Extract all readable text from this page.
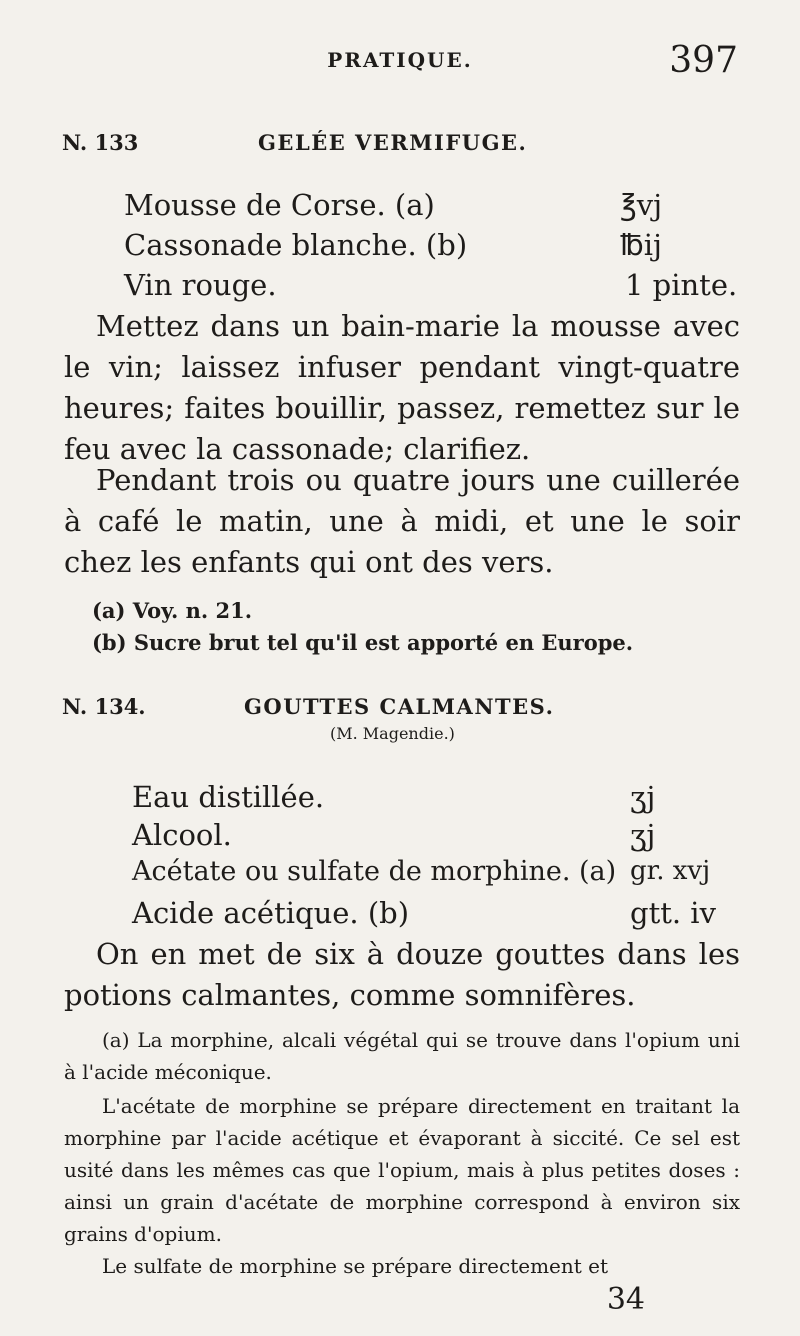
PRATIQUE.	397
N. 133	GELÉE VERMIFUGE.
Mousse de Corse. (a)	℥vj
Cassonade blanche. (b)	℔ij
Vin rouge.	1 pinte.
Mettez dans un bain-marie la mousse avec le vin; laissez infuser pendant vingt-quatre heures; faites bouillir, passez, remettez sur le feu avec la cassonade; clarifiez.
Pendant trois ou quatre jours une cuillerée à café le matin, une à midi, et une le soir chez les enfants qui ont des vers.
(a) Voy. n. 21.
(b) Sucre brut tel qu'il est apporté en Europe.
N. 134.	GOUTTES CALMANTES.
(M. Magendie.)
Eau distillée.	ʒj
Alcool.	ʒj
Acétate ou sulfate de morphine. (a) gr. xvj
Acide acétique. (b)	gtt. iv
On en met de six à douze gouttes dans les potions calmantes, comme somnifères.
(a) La morphine, alcali végétal qui se trouve dans l'opium uni à l'acide méconique.
L'acétate de morphine se prépare directement en traitant la morphine par l'acide acétique et évaporant à siccité. Ce sel est usité dans les mêmes cas que l'opium, mais à plus petites doses : ainsi un grain d'acétate de morphine correspond à environ six grains d'opium.
Le sulfate de morphine se prépare directement et
34
